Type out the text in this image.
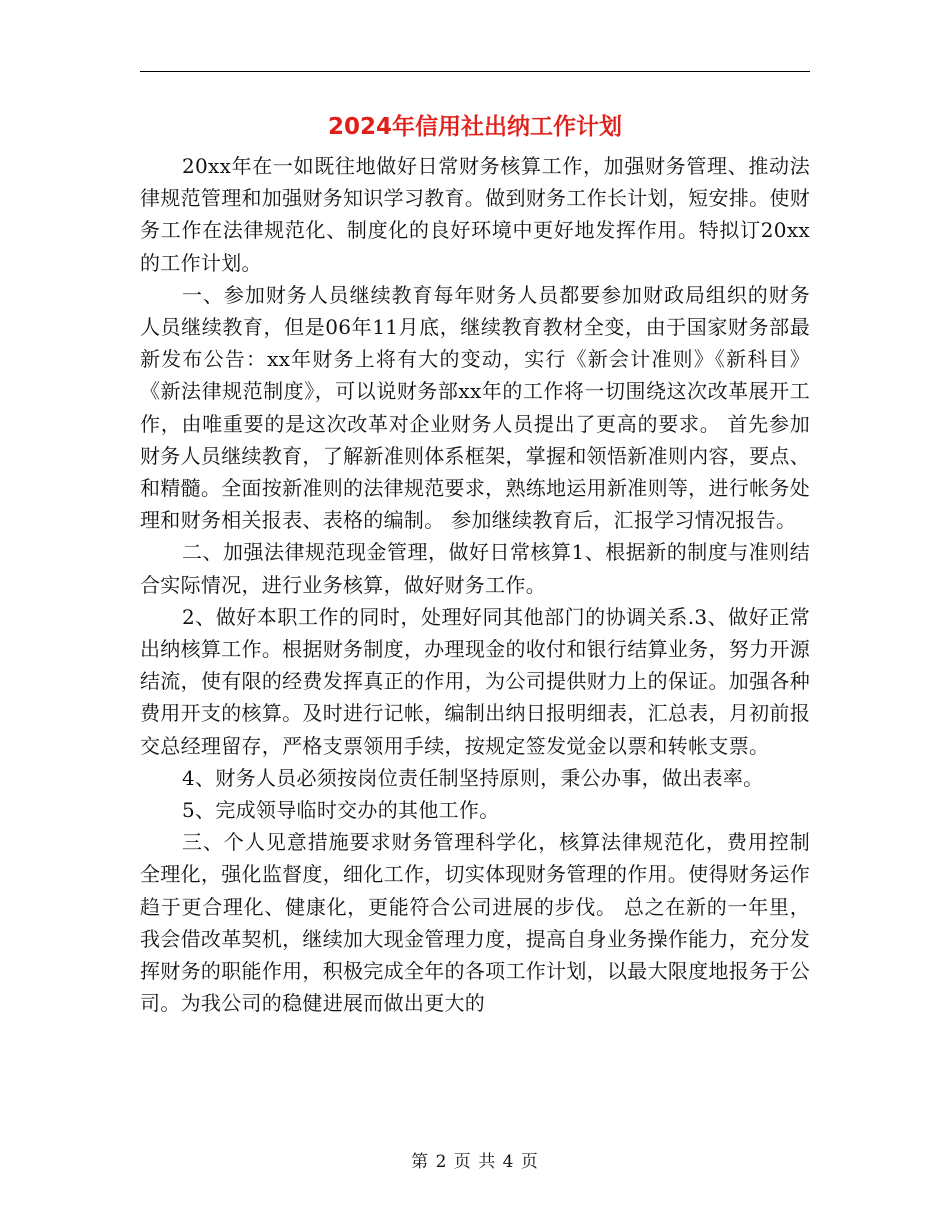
2024年信用社出纳工作计划

20xx年在一如既往地做好日常财务核算工作，加强财务管理、推动法律规范管理和加强财务知识学习教育。做到财务工作长计划，短安排。使财务工作在法律规范化、制度化的良好环境中更好地发挥作用。特拟订20xx的工作计划。

一、参加财务人员继续教育每年财务人员都要参加财政局组织的财务人员继续教育，但是06年11月底，继续教育教材全变，由于国家财务部最新发布公告：xx年财务上将有大的变动，实行《新会计准则》《新科目》《新法律规范制度》，可以说财务部xx年的工作将一切围绕这次改革展开工作，由唯重要的是这次改革对企业财务人员提出了更高的要求。 首先参加财务人员继续教育，了解新准则体系框架，掌握和领悟新准则内容，要点、和精髓。全面按新准则的法律规范要求，熟练地运用新准则等，进行帐务处理和财务相关报表、表格的编制。 参加继续教育后，汇报学习情况报告。

二、加强法律规范现金管理，做好日常核算1、根据新的制度与准则结合实际情况，进行业务核算，做好财务工作。

2、做好本职工作的同时，处理好同其他部门的协调关系.3、做好正常出纳核算工作。根据财务制度，办理现金的收付和银行结算业务，努力开源结流，使有限的经费发挥真正的作用，为公司提供财力上的保证。加强各种费用开支的核算。及时进行记帐，编制出纳日报明细表，汇总表，月初前报交总经理留存，严格支票领用手续，按规定签发觉金以票和转帐支票。

4、财务人员必须按岗位责任制坚持原则，秉公办事，做出表率。

5、完成领导临时交办的其他工作。

三、个人见意措施要求财务管理科学化，核算法律规范化，费用控制全理化，强化监督度，细化工作，切实体现财务管理的作用。使得财务运作趋于更合理化、健康化，更能符合公司进展的步伐。 总之在新的一年里，我会借改革契机，继续加大现金管理力度，提高自身业务操作能力，充分发挥财务的职能作用，积极完成全年的各项工作计划，以最大限度地报务于公司。为我公司的稳健进展而做出更大的

第 2 页 共 4 页
